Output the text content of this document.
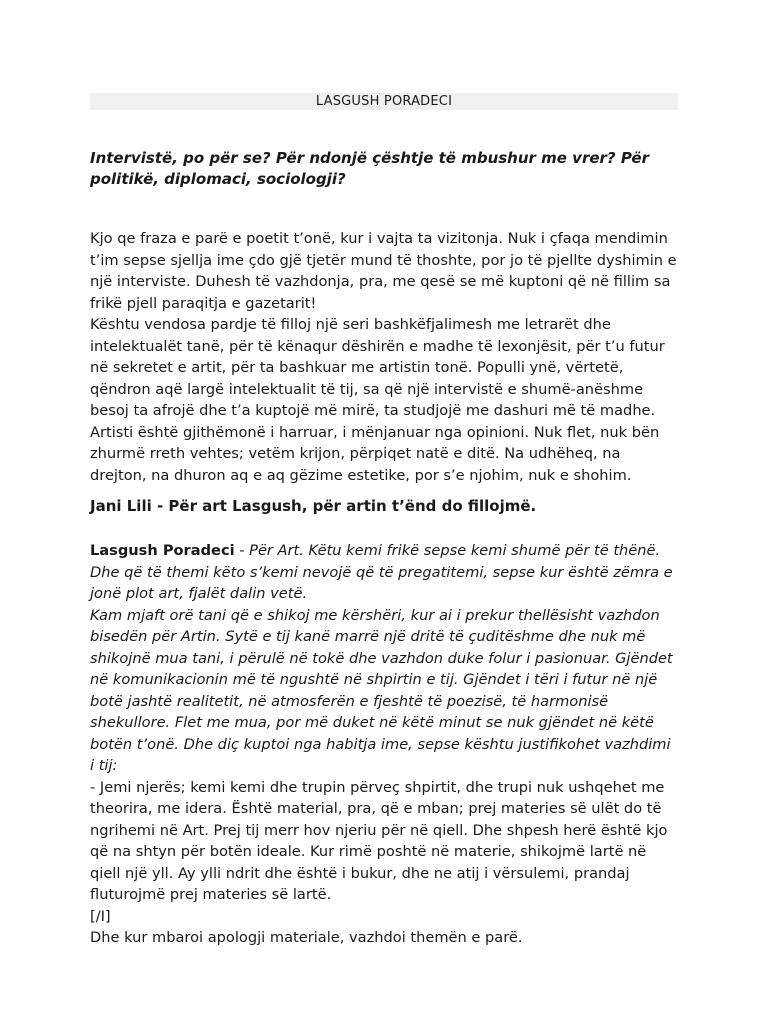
LASGUSH PORADECI
Intervistë, po për se? Për ndonjë çështje të mbushur me vrer? Për politikë, diplomaci, sociologji?

Kjo qe fraza e parë e poetit t’onë, kur i vajta ta vizitonja. Nuk i çfaqa mendimin t’im sepse sjellja ime çdo gjë tjetër mund të thoshte, por jo të pjellte dyshimin e një interviste. Duhesh të vazhdonja, pra, me qesë se më kuptoni që në fillim sa frikë pjell paraqitja e gazetarit!

Kështu vendosa pardje të filloj një seri bashkëfjalimesh me letrarët dhe intelektualët tanë, për të kënaqur dëshirën e madhe të lexonjësit, për t’u futur në sekretet e artit, për ta bashkuar me artistin tonë. Populli ynë, vërtetë, qëndron aqë largë intelektualit të tij, sa që një intervistë e shumë-anëshme besoj ta afrojë dhe t’a kuptojë më mirë, ta studjojë me dashuri më të madhe. Artisti është gjithëmonë i harruar, i mënjanuar nga opinioni. Nuk flet, nuk bën zhurmë rreth vehtes; vetëm krijon, përpiqet natë e ditë. Na udhëheq, na drejton, na dhuron aq e aq gëzime estetike, por s’e njohim, nuk e shohim.

Jani Lili - Për art Lasgush, për artin t’ënd do fillojmë.

Lasgush Poradeci - Për Art. Këtu kemi frikë sepse kemi shumë për të thënë. Dhe që të themi këto s’kemi nevojë që të pregatitemi, sepse kur është zëmra e jonë plot art, fjalët dalin vetë.

Kam mjaft orë tani që e shikoj me kërshëri, kur ai i prekur thellësisht vazhdon bisedën për Artin. Sytë e tij kanë marrë një dritë të çuditëshme dhe nuk më shikojnë mua tani, i përulë në tokë dhe vazhdon duke folur i pasionuar. Gjëndet në komunikacionin më të ngushtë në shpirtin e tij. Gjëndet i tëri i futur në një botë jashtë realitetit, në atmosferën e fjeshtë të poezisë, të harmonisë shekullore. Flet me mua, por më duket në këtë minut se nuk gjëndet në këtë botën t’onë. Dhe diç kuptoi nga habitja ime, sepse kështu justifikohet vazhdimi i tij:

- Jemi njerës; kemi kemi dhe trupin përveç shpirtit, dhe trupi nuk ushqehet me theorira, me idera. Është material, pra, që e mban; prej materies së ulët do të ngrihemi në Art. Prej tij merr hov njeriu për në qiell. Dhe shpesh herë është kjo që na shtyn për botën ideale. Kur rimë poshtë në materie, shikojmë lartë në qiell një yll. Ay ylli ndrit dhe është i bukur, dhe ne atij i vërsulemi, prandaj fluturojmë prej materies së lartë.

[/I]

Dhe kur mbaroi apologji materiale, vazhdoi themën e parë.
